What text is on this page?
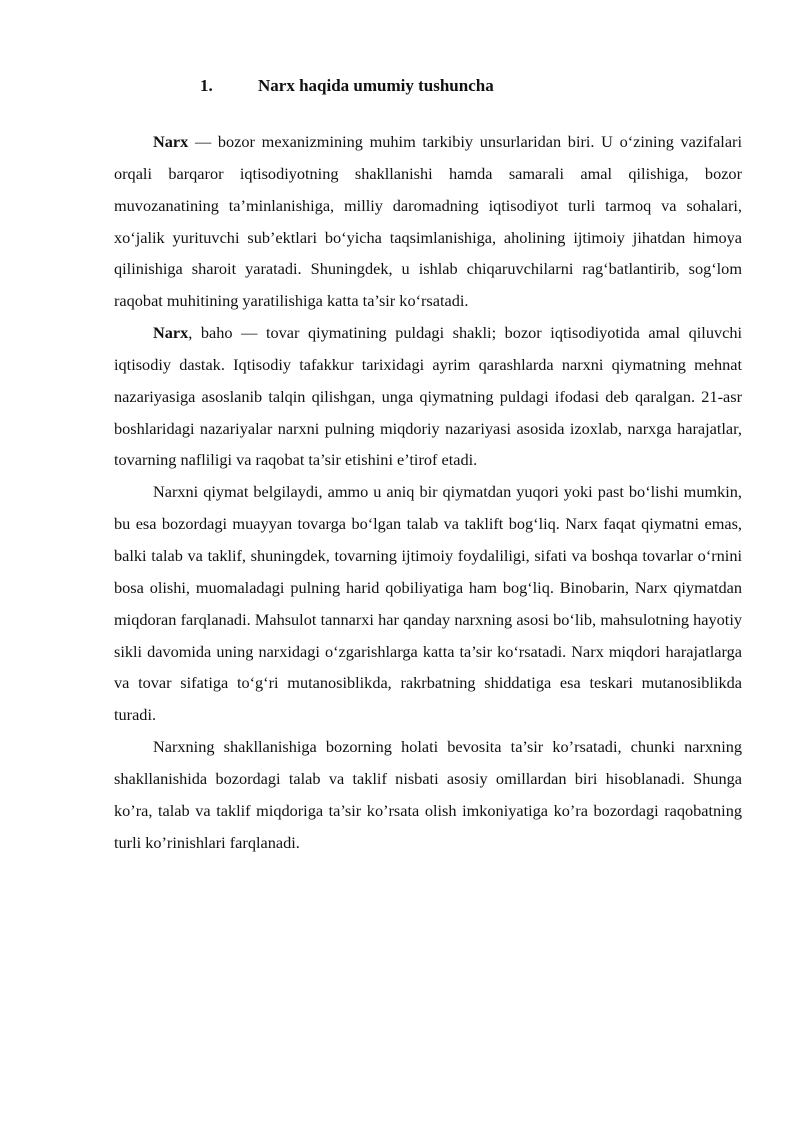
1.	Narx haqida umumiy tushuncha

Narx — bozor mexanizmining muhim tarkibiy unsurlaridan biri. U o‘zining vazifalari orqali barqaror iqtisodiyotning shakllanishi hamda samarali amal qilishiga, bozor muvozanatining ta’minlanishiga, milliy daromadning iqtisodiyot turli tarmoq va sohalari, xo‘jalik yurituvchi sub’ektlari bo‘yicha taqsimlanishiga, aholining ijtimoiy jihatdan himoya qilinishiga sharoit yaratadi. Shuningdek, u ishlab chiqaruvchilarni rag‘batlantirib, sog‘lom raqobat muhitining yaratilishiga katta ta’sir ko‘rsatadi.

Narx, baho — tovar qiymatining puldagi shakli; bozor iqtisodiyotida amal qiluvchi iqtisodiy dastak. Iqtisodiy tafakkur tarixidagi ayrim qarashlarda narxni qiymatning mehnat nazariyasiga asoslanib talqin qilishgan, unga qiymatning puldagi ifodasi deb qaralgan. 21-asr boshlaridagi nazariyalar narxni pulning miqdoriy nazariyasi asosida izoxlab, narxga harajatlar, tovarning nafliligi va raqobat ta’sir etishini e’tirof etadi.

Narxni qiymat belgilaydi, ammo u aniq bir qiymatdan yuqori yoki past bo‘lishi mumkin, bu esa bozordagi muayyan tovarga bo‘lgan talab va taklift bog‘liq. Narx faqat qiymatni emas, balki talab va taklif, shuningdek, tovarning ijtimoiy foydaliligi, sifati va boshqa tovarlar o‘rnini bosa olishi, muomaladagi pulning harid qobiliyatiga ham bog‘liq. Binobarin, Narx qiymatdan miqdoran farqlanadi. Mahsulot tannarxi har qanday narxning asosi bo‘lib, mahsulotning hayotiy sikli davomida uning narxidagi o‘zgarishlarga katta ta’sir ko‘rsatadi. Narx miqdori harajatlarga va tovar sifatiga to‘g‘ri mutanosiblikda, rakrbatning shiddatiga esa teskari mutanosiblikda turadi.

Narxning shakllanishiga bozorning holati bevosita ta’sir ko’rsatadi, chunki narxning shakllanishida bozordagi talab va taklif nisbati asosiy omillardan biri hisoblanadi. Shunga ko’ra, talab va taklif miqdoriga ta’sir ko’rsata olish imkoniyatiga ko’ra bozordagi raqobatning turli ko’rinishlari farqlanadi.
